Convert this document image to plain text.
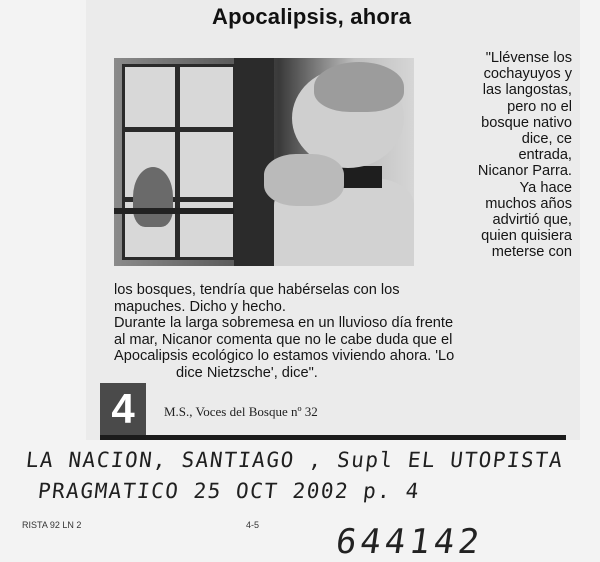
Apocalipsis, ahora
"Llévense los
cochayuyos y
las langostas,
pero no el
bosque nativo
dice, ce
entrada,
Nicanor Parra.
Ya hace
muchos años
advirtió que,
quien quisiera
meterse con

los bosques, tendría que habérselas con los

mapuches. Dicho y hecho.

Durante la larga sobremesa en un lluvioso día frente

al mar, Nicanor comenta que no le cabe duda que el

Apocalipsis ecológico lo estamos viviendo ahora. 'Lo

dice Nietzsche', dice".

4	M.S., Voces del Bosque nº 32
LA NACION, SANTIAGO , Supl EL UTOPISTA
PRAGMATICO 25 OCT 2002 p. 4
RISTA 92 LN 2	4-5 644142
